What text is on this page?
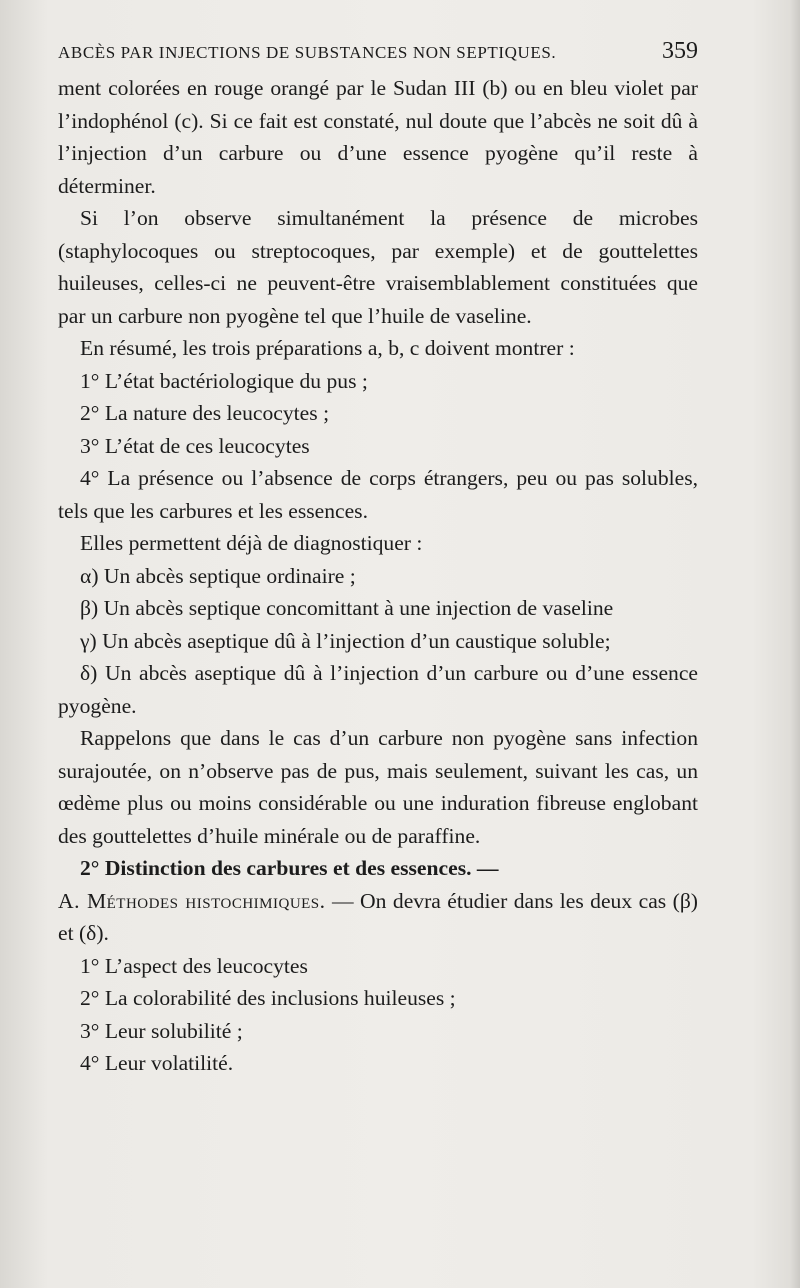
ABCÈS PAR INJECTIONS DE SUBSTANCES NON SEPTIQUES.	359

ment colorées en rouge orangé par le Sudan III (b) ou en bleu violet par l’indophénol (c). Si ce fait est constaté, nul doute que l’abcès ne soit dû à l’injection d’un carbure ou d’une essence pyogène qu’il reste à déterminer.

Si l’on observe simultanément la présence de microbes (staphylocoques ou streptocoques, par exemple) et de gouttelettes huileuses, celles-ci ne peuvent-être vraisemblablement constituées que par un carbure non pyogène tel que l’huile de vaseline.

En résumé, les trois préparations a, b, c doivent montrer :

1° L’état bactériologique du pus ;

2° La nature des leucocytes ;

3° L’état de ces leucocytes

4° La présence ou l’absence de corps étrangers, peu ou pas solubles, tels que les carbures et les essences.

Elles permettent déjà de diagnostiquer :

α) Un abcès septique ordinaire ;

β) Un abcès septique concomittant à une injection de vaseline

γ) Un abcès aseptique dû à l’injection d’un caustique soluble;

δ) Un abcès aseptique dû à l’injection d’un carbure ou d’une essence pyogène.

Rappelons que dans le cas d’un carbure non pyogène sans infection surajoutée, on n’observe pas de pus, mais seulement, suivant les cas, un œdème plus ou moins considérable ou une induration fibreuse englobant des gouttelettes d’huile minérale ou de paraffine.

2° Distinction des carbures et des essences. —

A. Méthodes histochimiques. — On devra étudier dans les deux cas (β) et (δ).

1° L’aspect des leucocytes

2° La colorabilité des inclusions huileuses ;

3° Leur solubilité ;

4° Leur volatilité.
